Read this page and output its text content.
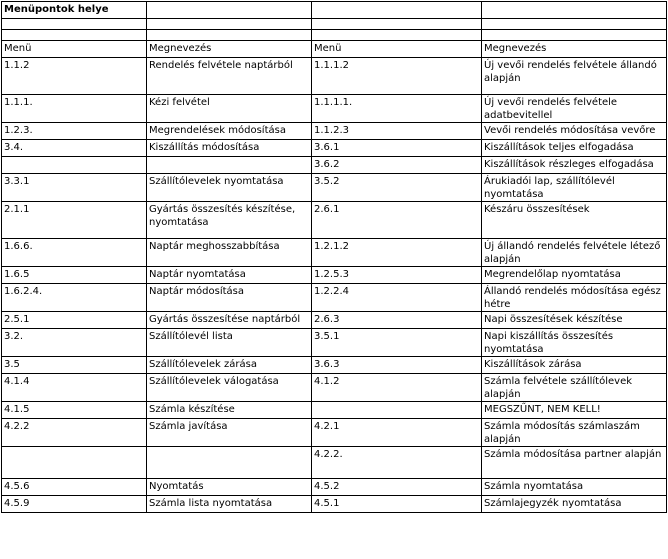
Menüpontok helye			

Menü	Megnevezés	Menü	Megnevezés
1.1.2	Rendelés felvétele naptárból	1.1.1.2	Új vevői rendelés felvétele állandó alapján
1.1.1.	Kézi felvétel	1.1.1.1.	Új vevői rendelés felvétele adatbevitellel
1.2.3.	Megrendelések módosítása	1.1.2.3	Vevői rendelés módosítása vevőre
3.4.	Kiszállítás módosítása	3.6.1	Kiszállítások teljes elfogadása
		3.6.2	Kiszállítások részleges elfogadása
3.3.1	Szállítólevelek nyomtatása	3.5.2	Árukiadói lap, szállítólevél nyomtatása
2.1.1	Gyártás összesítés készítése, nyomtatása	2.6.1	Készáru összesítések
1.6.6.	Naptár meghosszabbítása	1.2.1.2	Új állandó rendelés felvétele létező alapján
1.6.5	Naptár nyomtatása	1.2.5.3	Megrendelőlap nyomtatása
1.6.2.4.	Naptár módosítása	1.2.2.4	Állandó rendelés módosítása egész hétre
2.5.1	Gyártás összesítése naptárból	2.6.3	Napi összesítések készítése
3.2.	Szállítólevél lista	3.5.1	Napi kiszállítás összesítés nyomtatása
3.5	Szállítólevelek zárása	3.6.3	Kiszállítások zárása
4.1.4	Szállítólevelek válogatása	4.1.2	Számla felvétele szállítólevek alapján
4.1.5	Számla készítése		MEGSZŰNT, NEM KELL!
4.2.2	Számla javítása	4.2.1	Számla módosítás számlaszám alapján
		4.2.2.	Számla módosítása partner alapján
4.5.6	Nyomtatás	4.5.2	Számla nyomtatása
4.5.9	Számla lista nyomtatása	4.5.1	Számlajegyzék nyomtatása
